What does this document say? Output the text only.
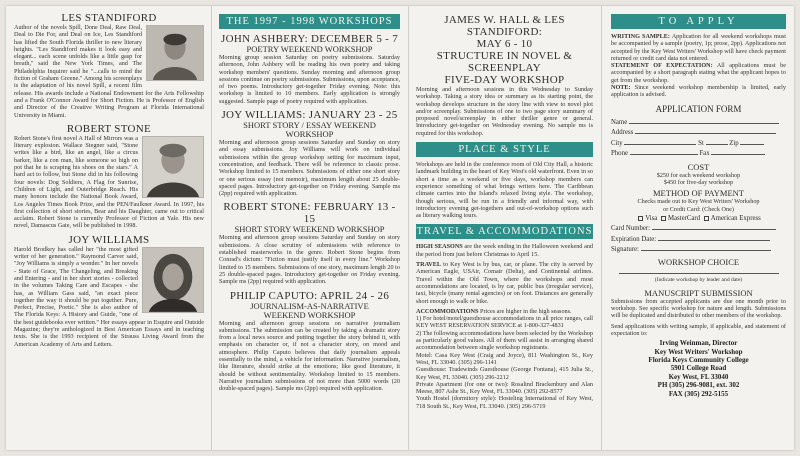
LES STANDIFORD

Author of the novels Spill, Done Deal, Raw Deal, Deal to Die For, and Deal on Ice, Les Standiford has lifted the South Florida thriller to new literary heights. "Les Standiford makes it look easy and elegant... each scene unfolds like a little gasp for breath," said the New York Times, and The Philadelphia Inquirer said he "...calls to mind the fiction of Graham Greene." Among his screenplays is the adaptation of his novel Spill, a recent film release. His awards include a National Endowment for the Arts Fellowship and a Frank O'Connor Award for Short Fiction. He is Professor of English and Director of the Creative Writing Program at Florida International University in Miami.

ROBERT STONE

Robert Stone's first novel A Hall of Mirrors was a literary explosion. Wallace Stegner said, "Stone writes like a bird, like an angel, like a circus barker, like a con man, like someone so high on pot that he is scraping his shoes on the stars." A hard act to follow, but Stone did in his following four novels: Dog Soldiers, A Flag for Sunrise, Children of Light, and Outerbridge Reach. His many honors include the National Book Award, Los Angeles Times Book Prize, and the PEN/Faulkner Award. In 1997, his first collection of short stories, Bear and his Daughter, came out to critical acclaim. Robert Stone is currently Professor of Fiction at Yale. His new novel, Damascus Gate, will be published in 1998.

JOY WILLIAMS

Harold Brodkey has called her "the most gifted writer of her generation." Raymond Carver said, "Joy Williams is simply a wonder." In her novels - State of Grace, The Changeling, and Breaking and Entering - and in her short stories - collected in the volumes Taking Care and Escapes - she has, as William Gass said, "an exact piece together the way it should be put together. Pure, Perfect, Precise, Poetic." She is also author of The Florida Keys: A History and Guide, "one of the best guidebooks ever written." Her essays appear in Esquire and Outside Magazine; they're anthologized in Best American Essays and in teaching texts. She is the 1993 recipient of the Strauss Living Award from the American Academy of Arts and Letters.

THE 1997 - 1998 WORKSHOPS
JOHN ASHBERY: DECEMBER 5 - 7
POETRY WEEKEND WORKSHOP
Morning group session Saturday on poetry submissions. Saturday afternoon, John Ashbery will be reading his own poetry and taking workshop members' questions. Sunday morning and afternoon group sessions continue on poetry submissions. Submissions, upon acceptance, of two poems. Introductory get-together Friday evening. Note: this workshop is limited to 10 members. Early application is strongly suggested. Sample page of poetry required with application.
JOY WILLIAMS: JANUARY 23 - 25
SHORT STORY / ESSAY WEEKEND WORKSHOP
Morning and afternoon group sessions Saturday and Sunday on story and essay submissions. Joy Williams will work on individual submissions within the group workshop setting for maximum input, concentration, and feedback. There will be reference to classic prose. Workshop limited to 15 members. Submissions of either one short story or one serious essay (not memoir), maximum length about 25 double-spaced pages. Introductory get-together on Friday evening. Sample ms (2pp) required with application.
ROBERT STONE: FEBRUARY 13 - 15
SHORT STORY WEEKEND WORKSHOP
Morning and afternoon group sessions Saturday and Sunday on story submissions. A close scrutiny of submissions with reference to established masterworks in the genre. Robert Stone begins from Conrad's dictum: "Fiction must justify itself in every line." Workshop limited to 15 members. Submissions of one story, maximum length 20 to 25 double-spaced pages. Introductory get-together on Friday evening. Sample ms (2pp) required with application.
PHILIP CAPUTO: APRIL 24 - 26
JOURNALISM-AS-NARRATIVE
WEEKEND WORKSHOP
Morning and afternoon group sessions on narrative journalism submissions. The submission can be created by taking a dramatic story from a local news source and putting together the story behind it, with emphasis on character or, if not a character story, on mood and atmosphere. Philip Caputo believes that daily journalism appeals essentially to the mind, a vehicle for information. Narrative journalism, like literature, should strike at the emotions; like good literature, it should be without sentimentality. Workshop limited to 15 members. Narrative journalism submissions of not more than 5000 words (20 double-spaced pages). Sample ms (2pp) required with application.
JAMES W. HALL & LES STANDIFORD:
MAY 6 - 10
STRUCTURE IN NOVEL & SCREENPLAY
FIVE-DAY WORKSHOP
Morning and afternoon sessions in this Wednesday to Sunday workshop. Taking a story idea or summary as its starting point, the workshop develops structure in the story line with view to novel plot and/or screenplay. Submissions of one to two page story summary of proposed novel/screenplay in either thriller genre or general. Introductory get-together on Wednesday evening. No sample ms is required for this workshop.
PLACE & STYLE
Workshops are held in the conference room of Old City Hall, a historic landmark building in the heart of Key West's old waterfront. Even in so short a time as a weekend or five days, workshop members can experience something of what brings writers here. The Caribbean climate carries into the Island's relaxed living style. The workshop, though serious, will be run in a friendly and informal way, with introductory evening get-togethers and out-of-workshop options such as literary walking tours.
TRAVEL & ACCOMMODATIONS
HIGH SEASONS are the week ending in the Halloween weekend and the period from just before Christmas to April 15.
TRAVEL to Key West is by bus, car, or plane. The city is served by American Eagle, USAir, Comair (Delta), and Continental airlines. Travel within the Old Town, where the workshops and most accommodations are located, is by car, public bus (irregular service), taxi, bicycle (many rental agencies) or on foot. Distances are generally short enough to walk or bike.
ACCOMMODATIONS Prices are higher in the high seasons.
1) For hotel/motel/guesthouse accommodations in all price ranges, call KEY WEST RESERVATION SERVICE at 1-800-327-4831
2) The following accommodations have been selected by the Workshop as particularly good values. All of them will assist in arranging shared accommodation between single workshop registrants.
Motel: Casa Key West (Craig and Joyce), 811 Washington St., Key West, FL 33040. (305) 296-1141
Guesthouse: Tradewinds Guesthouse (George Fontana), 415 Julia St., Key West, FL 33040. (305) 296-2212
Private Apartment (for one or two): Rosalind Brackenbury and Alan Meese, 807 Ashe St., Key West, FL 33040. (305) 292-8577
Youth Hostel (dormitory style): Hosteling International of Key West, 718 South St., Key West, FL 33040. (305) 296-5719
TO APPLY
WRITING SAMPLE: Application for all weekend workshops must be accompanied by a sample (poetry, 1p; prose, 2pp). Applications not accepted by the Key West Writers' Workshop will have check payment returned or credit card data not entered.
STATEMENT OF EXPECTATION: All applications must be accompanied by a short paragraph stating what the applicant hopes to get from the workshop.
NOTE: Since weekend workshop membership is limited, early application is advised.
APPLICATION FORM
Name
Address
City	St	Zip
Phone	Fax
COST
$250 for each weekend workshop
$450 for five-day workshop
METHOD OF PAYMENT
Checks made out to Key West Writers' Workshop
or Credit Card: (Check One)
Visa MasterCard American Express
Card Number:
Expiration Date:
Signature:
WORKSHOP CHOICE
(Indicate workshop by leader and date)
MANUSCRIPT SUBMISSION
Submissions from accepted applicants are due one month prior to workshop. See specific workshop for nature and length. Submissions will be duplicated and distributed to other members of the workshop.
Send applications with writing sample, if applicable, and statement of expectation to:
Irving Weinman, Director
Key West Writers' Workshop
Florida Keys Community College
5901 College Road
Key West, FL 33040
PH (305) 296-9081, ext. 302
FAX (305) 292-5155
